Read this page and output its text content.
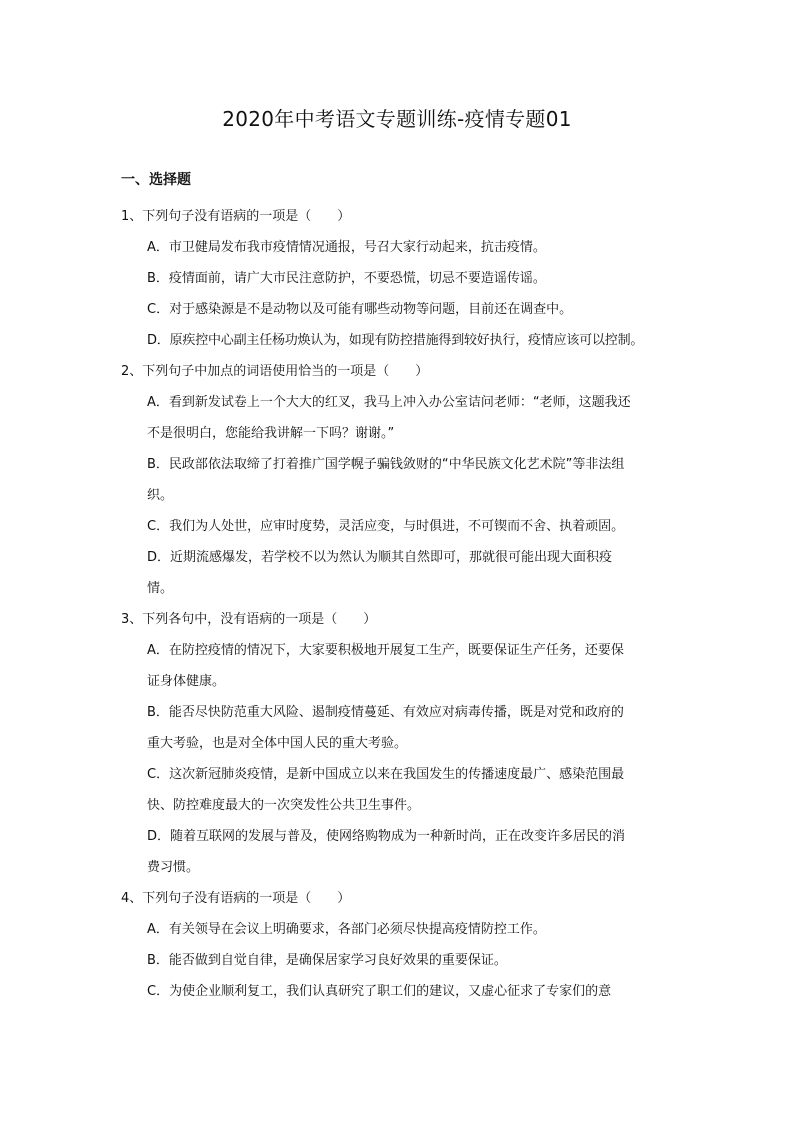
2020年中考语文专题训练-疫情专题01
一、选择题
1、下列句子没有语病的一项是（　　）
A．市卫健局发布我市疫情情况通报，号召大家行动起来，抗击疫情。
B．疫情面前，请广大市民注意防护，不要恐慌，切忌不要造谣传谣。
C．对于感染源是不是动物以及可能有哪些动物等问题，目前还在调查中。
D．原疾控中心副主任杨功焕认为，如现有防控措施得到较好执行，疫情应该可以控制。
2、下列句子中加点的词语使用恰当的一项是（　　）
A．看到新发试卷上一个大大的红叉，我马上冲入办公室诘问老师：“老师，这题我还
不是很明白，您能给我讲解一下吗？谢谢。”
B．民政部依法取缔了打着推广国学幌子骗钱敛财的“中华民族文化艺术院”等非法组
织。
C．我们为人处世，应审时度势，灵活应变，与时俱进，不可锲而不舍、执着顽固。
D．近期流感爆发，若学校不以为然认为顺其自然即可，那就很可能出现大面积疫
情。
3、下列各句中，没有语病的一项是（　　）
A．在防控疫情的情况下，大家要积极地开展复工生产，既要保证生产任务，还要保
证身体健康。
B．能否尽快防范重大风险、遏制疫情蔓延、有效应对病毒传播，既是对党和政府的
重大考验，也是对全体中国人民的重大考验。
C．这次新冠肺炎疫情，是新中国成立以来在我国发生的传播速度最广、感染范围最
快、防控难度最大的一次突发性公共卫生事件。
D．随着互联网的发展与普及，使网络购物成为一种新时尚，正在改变许多居民的消
费习惯。
4、下列句子没有语病的一项是（　　）
A．有关领导在会议上明确要求，各部门必须尽快提高疫情防控工作。
B．能否做到自觉自律，是确保居家学习良好效果的重要保证。
C．为使企业顺利复工，我们认真研究了职工们的建议，又虚心征求了专家们的意
